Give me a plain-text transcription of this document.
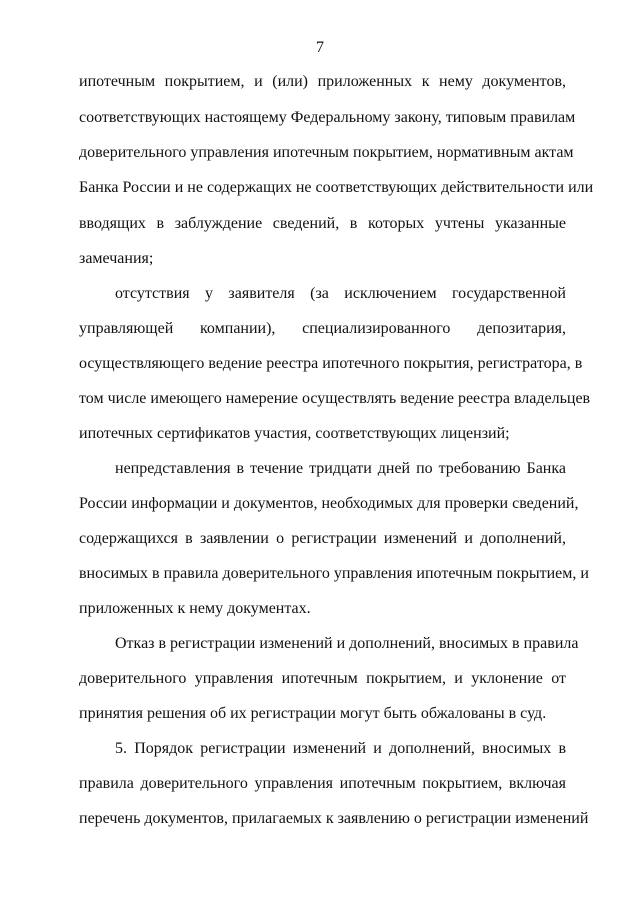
7
ипотечным покрытием, и (или) приложенных к нему документов,
соответствующих настоящему Федеральному закону, типовым правилам
доверительного управления ипотечным покрытием, нормативным актам
Банка России и не содержащих не соответствующих действительности или
вводящих в заблуждение сведений, в которых учтены указанные
замечания;
отсутствия у заявителя (за исключением государственной
управляющей компании), специализированного депозитария,
осуществляющего ведение реестра ипотечного покрытия, регистратора, в
том числе имеющего намерение осуществлять ведение реестра владельцев
ипотечных сертификатов участия, соответствующих лицензий;
непредставления в течение тридцати дней по требованию Банка
России информации и документов, необходимых для проверки сведений,
содержащихся в заявлении о регистрации изменений и дополнений,
вносимых в правила доверительного управления ипотечным покрытием, и
приложенных к нему документах.
Отказ в регистрации изменений и дополнений, вносимых в правила
доверительного управления ипотечным покрытием, и уклонение от
принятия решения об их регистрации могут быть обжалованы в суд.
5. Порядок регистрации изменений и дополнений, вносимых в
правила доверительного управления ипотечным покрытием, включая
перечень документов, прилагаемых к заявлению о регистрации изменений
